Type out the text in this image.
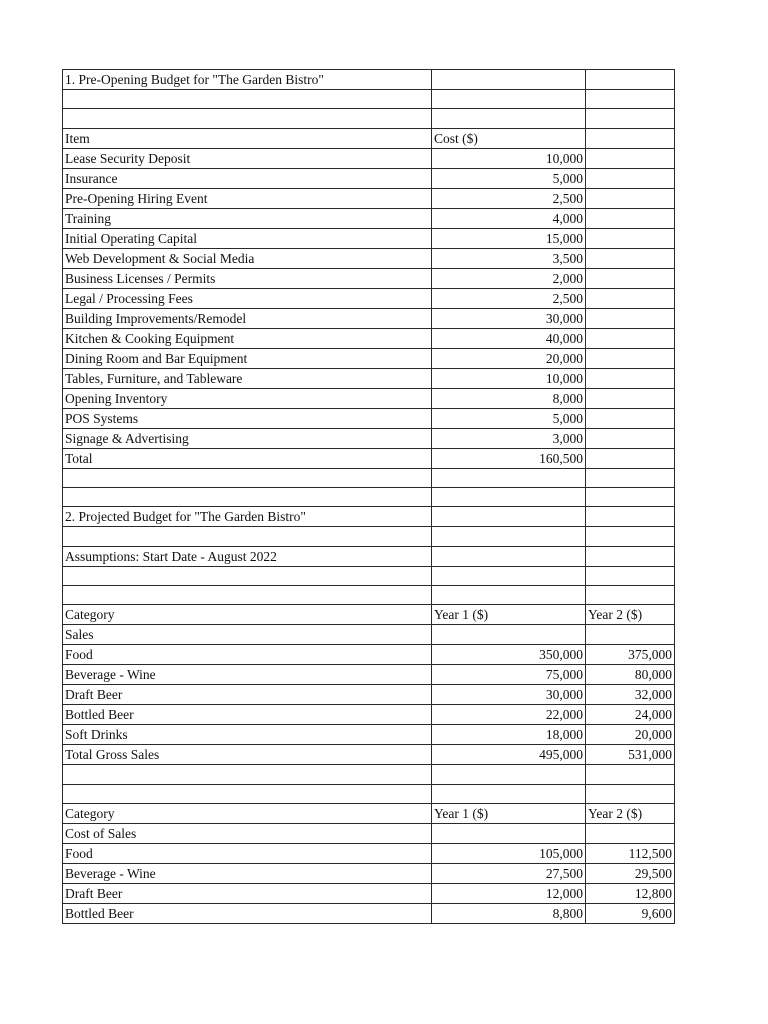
1. Pre-Opening Budget for "The Garden Bistro"		

Item	Cost ($)	
Lease Security Deposit	10,000	
Insurance	5,000	
Pre-Opening Hiring Event	2,500	
Training	4,000	
Initial Operating Capital	15,000	
Web Development & Social Media	3,500	
Business Licenses / Permits	2,000	
Legal / Processing Fees	2,500	
Building Improvements/Remodel	30,000	
Kitchen & Cooking Equipment	40,000	
Dining Room and Bar Equipment	20,000	
Tables, Furniture, and Tableware	10,000	
Opening Inventory	8,000	
POS Systems	5,000	
Signage & Advertising	3,000	
Total	160,500	

2. Projected Budget for "The Garden Bistro"		

Assumptions: Start Date - August 2022		

Category	Year 1 ($)	Year 2 ($)
Sales		
Food	350,000	375,000
Beverage - Wine	75,000	80,000
Draft Beer	30,000	32,000
Bottled Beer	22,000	24,000
Soft Drinks	18,000	20,000
Total Gross Sales	495,000	531,000

Category	Year 1 ($)	Year 2 ($)
Cost of Sales		
Food	105,000	112,500
Beverage - Wine	27,500	29,500
Draft Beer	12,000	12,800
Bottled Beer	8,800	9,600
